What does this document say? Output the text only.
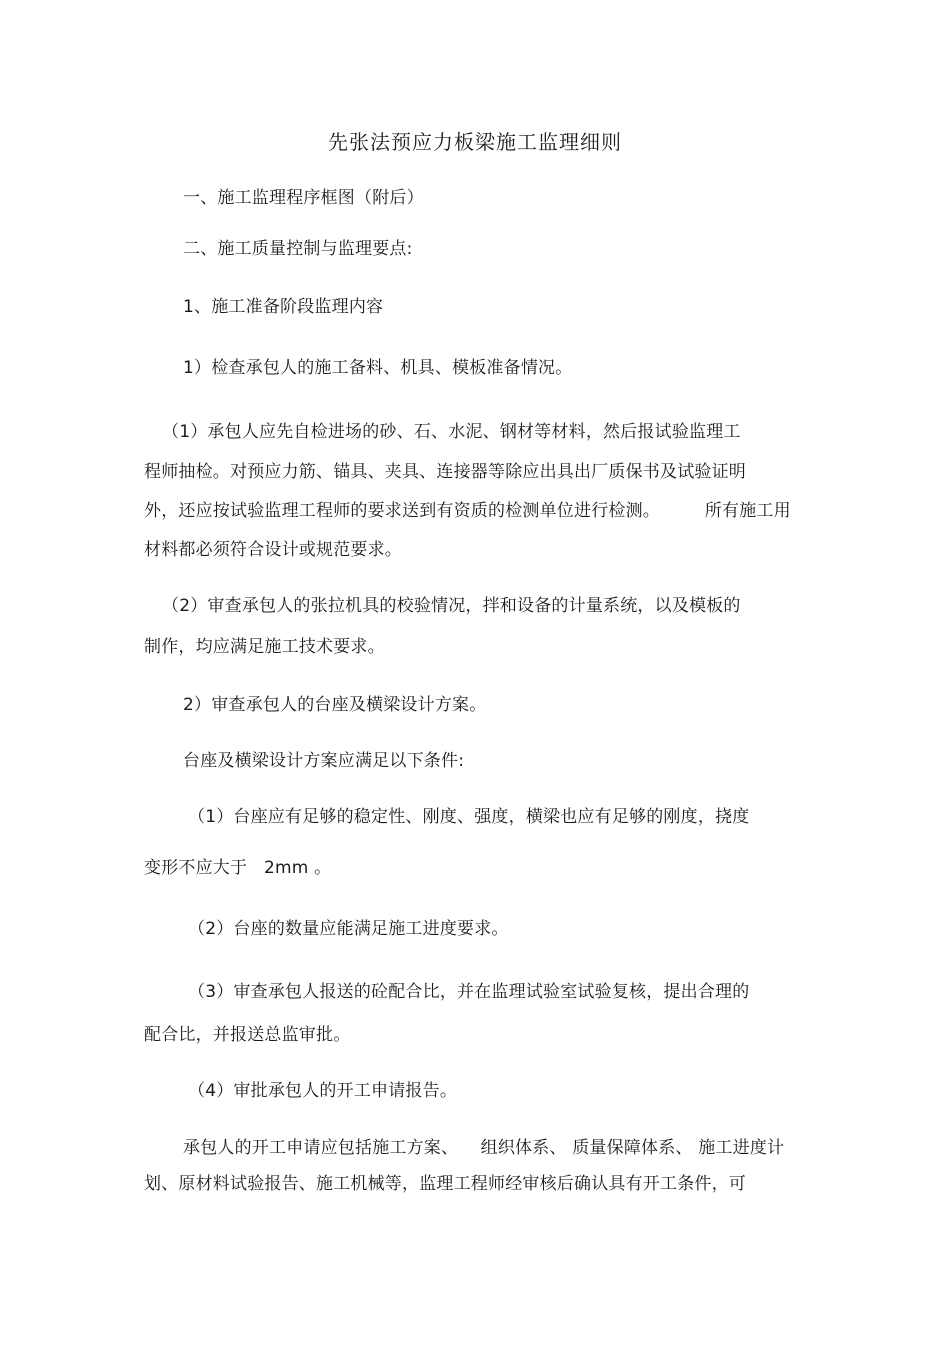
先张法预应力板梁施工监理细则
一、施工监理程序框图（附后）
二、施工质量控制与监理要点:
1、施工准备阶段监理内容
1）检查承包人的施工备料、机具、模板准备情况。
（1）承包人应先自检进场的砂、石、水泥、钢材等材料，然后报试验监理工
程师抽检。对预应力筋、锚具、夹具、连接器等除应出具出厂质保书及试验证明
外，还应按试验监理工程师的要求送到有资质的检测单位进行检测。        所有施工用
材料都必须符合设计或规范要求。
（2）审查承包人的张拉机具的校验情况，拌和设备的计量系统，以及模板的
制作，均应满足施工技术要求。
2）审查承包人的台座及横梁设计方案。
台座及横梁设计方案应满足以下条件:
（1）台座应有足够的稳定性、刚度、强度，横梁也应有足够的刚度，挠度
变形不应大于   2mm 。
（2）台座的数量应能满足施工进度要求。
（3）审查承包人报送的砼配合比，并在监理试验室试验复核，提出合理的
配合比，并报送总监审批。
（4）审批承包人的开工申请报告。
承包人的开工申请应包括施工方案、    组织体系、 质量保障体系、 施工进度计
划、原材料试验报告、施工机械等，监理工程师经审核后确认具有开工条件，可
